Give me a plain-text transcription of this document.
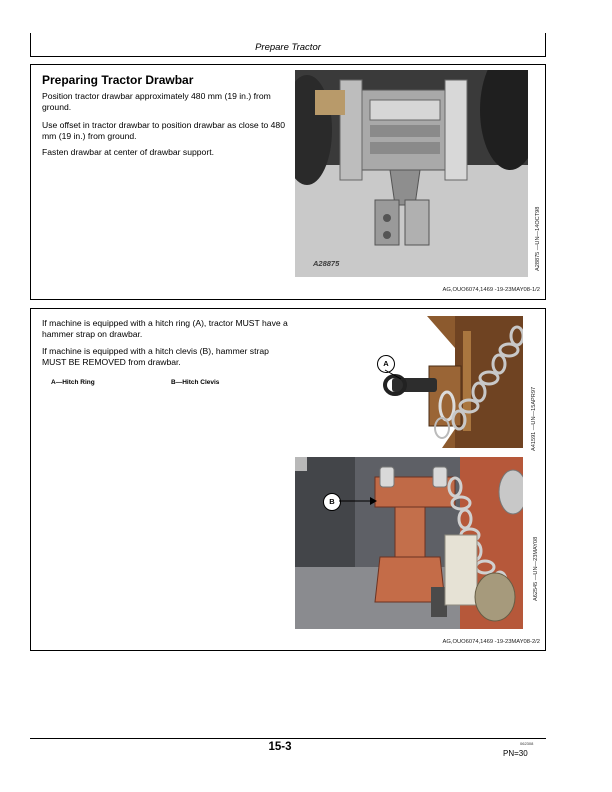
Prepare Tractor

Preparing Tractor Drawbar

Position tractor drawbar approximately 480 mm (19 in.) from ground.

Use offset in tractor drawbar to position drawbar as close to 480 mm (19 in.) from ground.

Fasten drawbar at center of drawbar support.

A28875	A28875 —UN—14OCT98
AG,OUO6074,1469 -19-23MAY08-1/2

If machine is equipped with a hitch ring (A), tractor MUST have a hammer strap on drawbar.

If machine is equipped with a hitch clevis (B), hammer strap MUST BE REMOVED from drawbar.

A—Hitch Ring	B—Hitch Clevis
A
A41591 —UN—15APR97
B
A62545 —UN—23MAY08
AG,OUO6074,1469 -19-23MAY08-2/2
15-3	062308
PN=30
